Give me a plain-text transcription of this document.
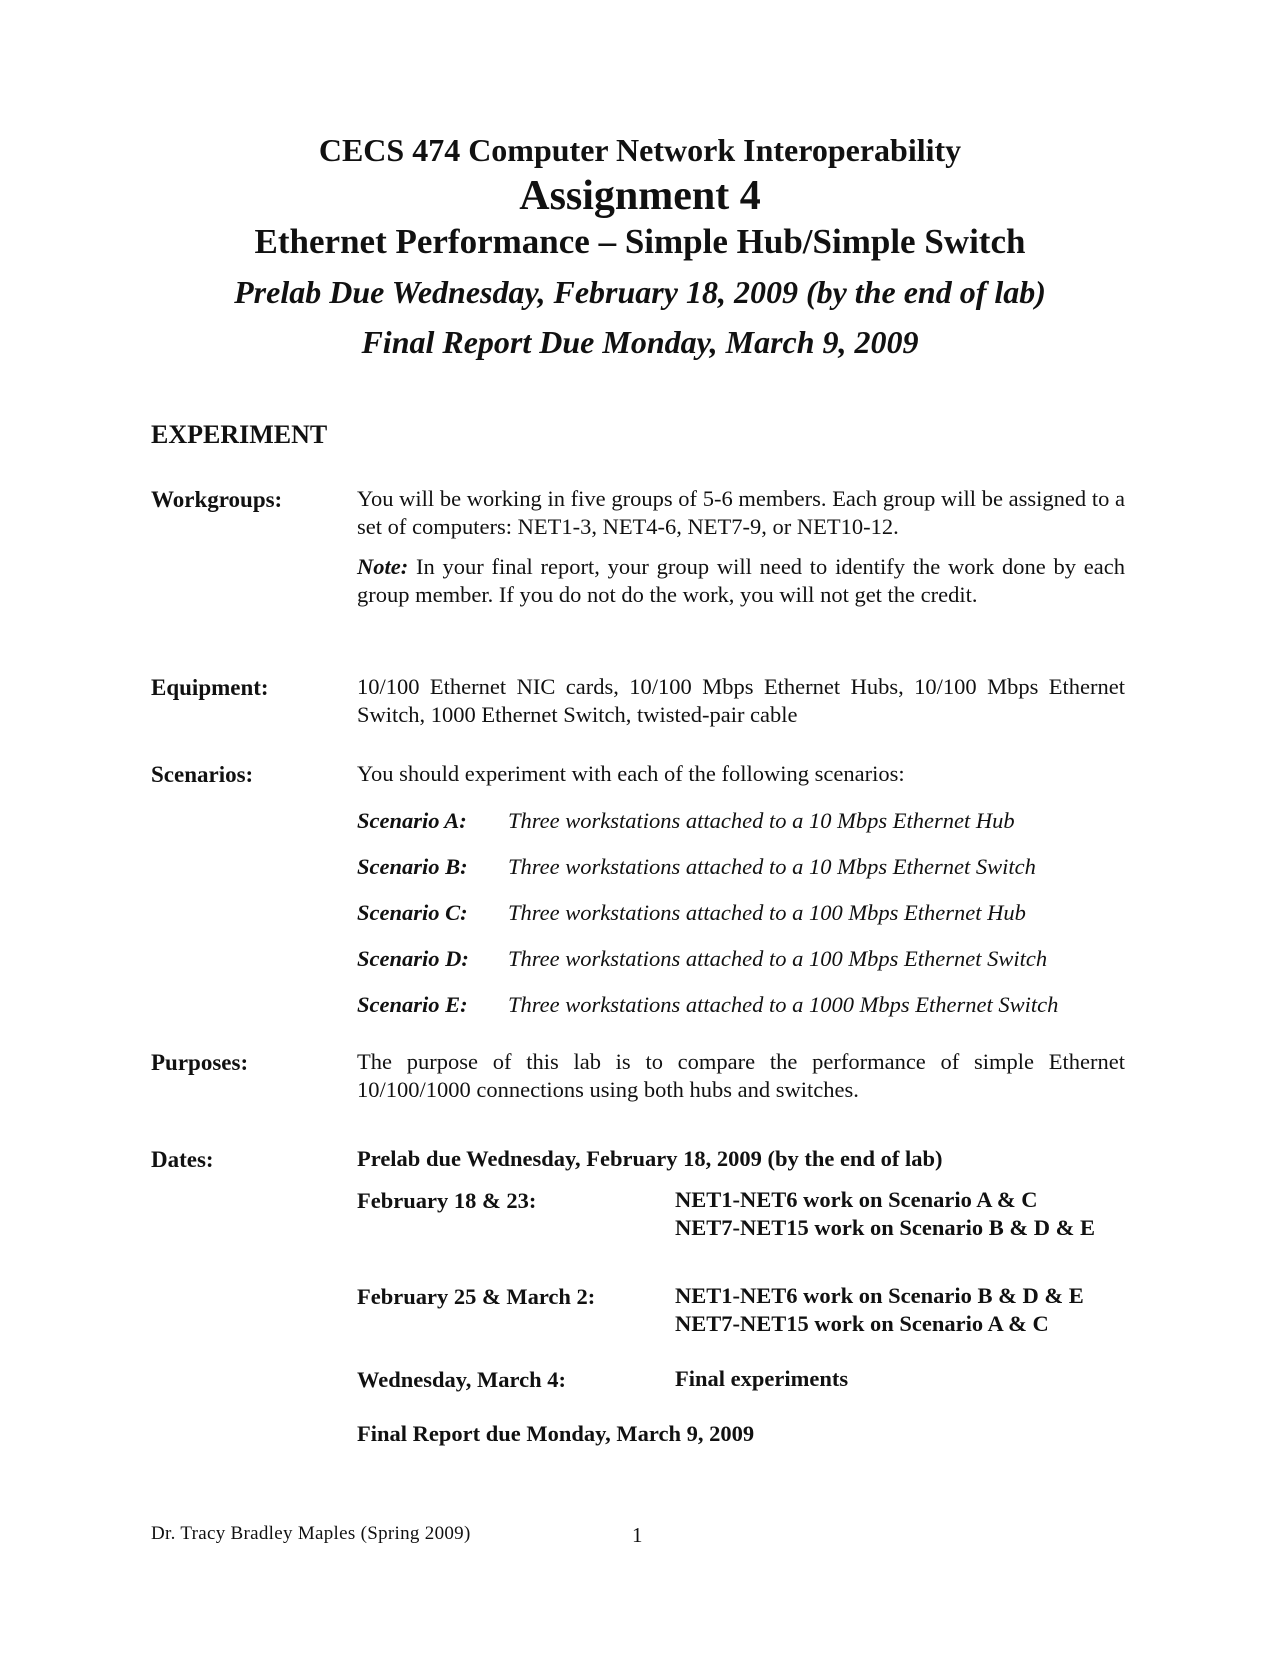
CECS 474 Computer Network Interoperability
Assignment 4
Ethernet Performance – Simple Hub/Simple Switch
Prelab Due Wednesday, February 18, 2009 (by the end of lab)
Final Report Due Monday, March 9, 2009
EXPERIMENT
Workgroups:	You will be working in five groups of 5-6 members. Each group will be assigned to a set of computers: NET1-3, NET4-6, NET7-9, or NET10-12.

Note: In your final report, your group will need to identify the work done by each group member. If you do not do the work, you will not get the credit.

Equipment:	10/100 Ethernet NIC cards, 10/100 Mbps Ethernet Hubs, 10/100 Mbps Ethernet Switch, 1000 Ethernet Switch, twisted-pair cable

Scenarios:	You should experiment with each of the following scenarios:

Scenario A: Three workstations attached to a 10 Mbps Ethernet Hub
Scenario B: Three workstations attached to a 10 Mbps Ethernet Switch
Scenario C: Three workstations attached to a 100 Mbps Ethernet Hub
Scenario D: Three workstations attached to a 100 Mbps Ethernet Switch
Scenario E: Three workstations attached to a 1000 Mbps Ethernet Switch
Purposes:	The purpose of this lab is to compare the performance of simple Ethernet 10/100/1000 connections using both hubs and switches.

Dates:	Prelab due Wednesday, February 18, 2009 (by the end of lab)
February 18 & 23:	NET1-NET6 work on Scenario A & C
NET7-NET15 work on Scenario B & D & E
February 25 & March 2:	NET1-NET6 work on Scenario B & D & E
NET7-NET15 work on Scenario A & C
Wednesday, March 4:	Final experiments
Final Report due Monday, March 9, 2009
Dr. Tracy Bradley Maples (Spring 2009)	1
